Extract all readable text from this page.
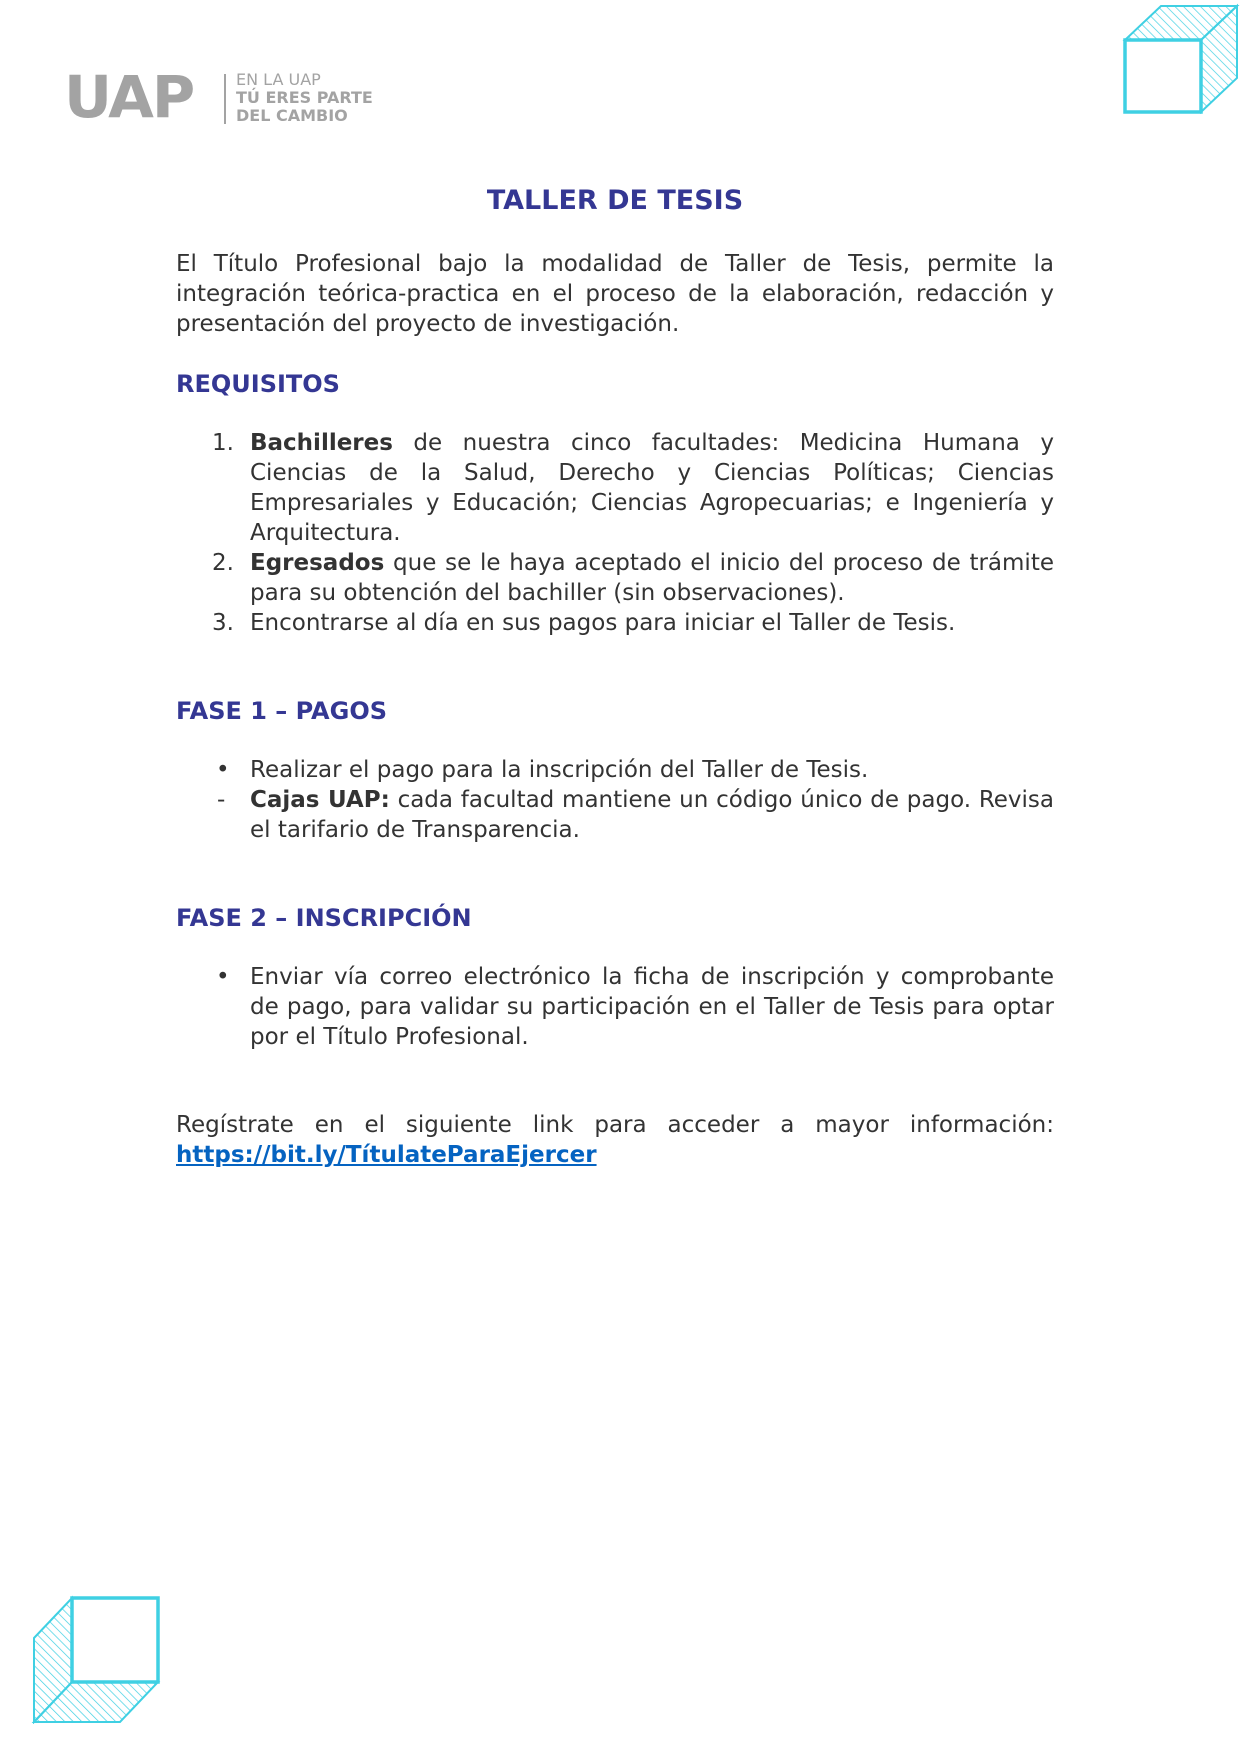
UAP	EN LA UAP
TÚ ERES PARTE
DEL CAMBIO
TALLER DE TESIS

El Título Profesional bajo la modalidad de Taller de Tesis, permite la integración teórica-practica en el proceso de la elaboración, redacción y presentación del proyecto de investigación.

REQUISITOS
1. Bachilleres de nuestra cinco facultades: Medicina Humana y Ciencias de la Salud, Derecho y Ciencias Políticas; Ciencias Empresariales y Educación; Ciencias Agropecuarias; e Ingeniería y Arquitectura.
2. Egresados que se le haya aceptado el inicio del proceso de trámite para su obtención del bachiller (sin observaciones).
3. Encontrarse al día en sus pagos para iniciar el Taller de Tesis.
FASE 1 – PAGOS
• Realizar el pago para la inscripción del Taller de Tesis.
- Cajas UAP: cada facultad mantiene un código único de pago. Revisa el tarifario de Transparencia.
FASE 2 – INSCRIPCIÓN
• Enviar vía correo electrónico la ficha de inscripción y comprobante de pago, para validar su participación en el Taller de Tesis para optar por el Título Profesional.
Regístrate en el siguiente link para acceder a mayor información:
https://bit.ly/TítulateParaEjercer
